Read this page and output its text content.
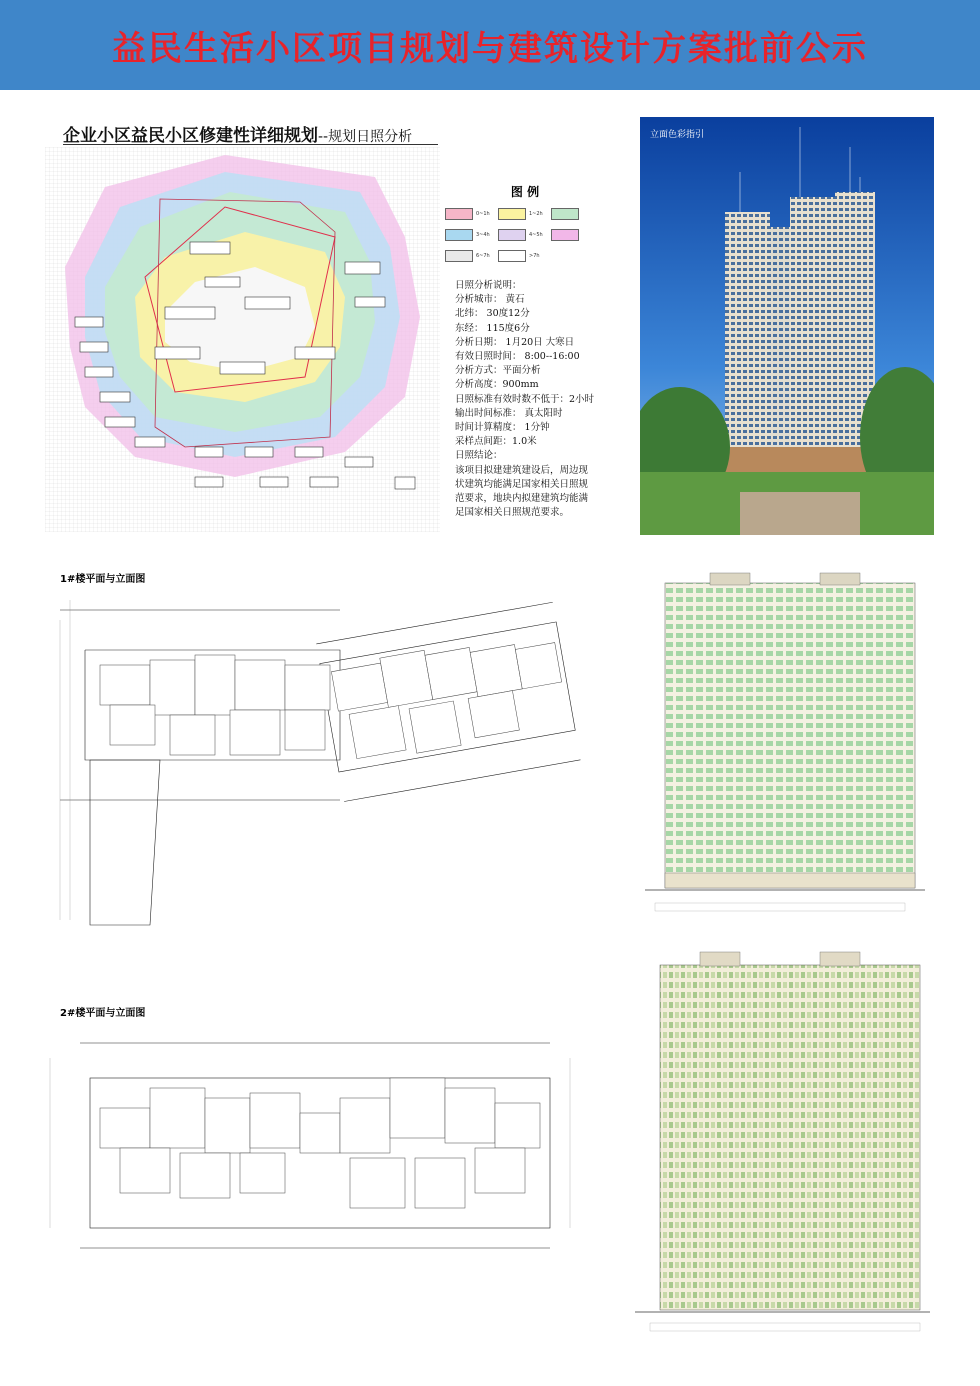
益民生活小区项目规划与建筑设计方案批前公示
企业小区益民小区修建性详细规划--规划日照分析
图 例
0~1h	1~2h
3~4h	4~5h
6~7h	>7h
日照分析说明：
分析城市： 黄石
北纬： 30度12分
东经： 115度6分
分析日期： 1月20日 大寒日
有效日照时间： 8:00--16:00
分析方式：平面分析
分析高度：900mm
日照标准有效时数不低于：2小时
输出时间标准： 真太阳时
时间计算精度： 1分钟
采样点间距：1.0米
日照结论：
该项目拟建建筑建设后，周边现状建筑均能满足国家相关日照规范要求，地块内拟建建筑均能满足国家相关日照规范要求。
立面色彩指引
1#楼平面与立面图
2#楼平面与立面图
